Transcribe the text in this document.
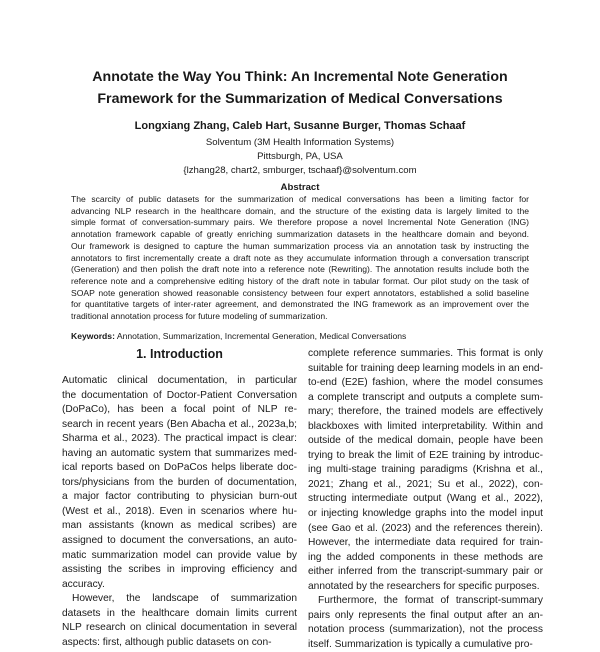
Annotate the Way You Think: An Incremental Note Generation
Framework for the Summarization of Medical Conversations
Longxiang Zhang, Caleb Hart, Susanne Burger, Thomas Schaaf
Solventum (3M Health Information Systems)
Pittsburgh, PA, USA
{lzhang28, chart2, smburger, tschaaf}@solventum.com
Abstract
The scarcity of public datasets for the summarization of medical conversations has been a limiting factor for
advancing NLP research in the healthcare domain, and the structure of the existing data is largely limited to the
simple format of conversation-summary pairs. We therefore propose a novel Incremental Note Generation (ING)
annotation framework capable of greatly enriching summarization datasets in the healthcare domain and beyond.
Our framework is designed to capture the human summarization process via an annotation task by instructing the
annotators to first incrementally create a draft note as they accumulate information through a conversation transcript
(Generation) and then polish the draft note into a reference note (Rewriting). The annotation results include both the
reference note and a comprehensive editing history of the draft note in tabular format. Our pilot study on the task of
SOAP note generation showed reasonable consistency between four expert annotators, established a solid baseline
for quantitative targets of inter-rater agreement, and demonstrated the ING framework as an improvement over the
traditional annotation process for future modeling of summarization.
Keywords: Annotation, Summarization, Incremental Generation, Medical Conversations
1. Introduction
Automatic clinical documentation, in particular
the documentation of Doctor-Patient Conversation
(DoPaCo), has been a focal point of NLP re-
search in recent years (Ben Abacha et al., 2023a,b;
Sharma et al., 2023). The practical impact is clear:
having an automatic system that summarizes med-
ical reports based on DoPaCos helps liberate doc-
tors/physicians from the burden of documentation,
a major factor contributing to physician burn-out
(West et al., 2018). Even in scenarios where hu-
man assistants (known as medical scribes) are
assigned to document the conversations, an auto-
matic summarization model can provide value by
assisting the scribes in improving efficiency and
accuracy.
However, the landscape of summarization
datasets in the healthcare domain limits current
NLP research on clinical documentation in several
aspects: first, although public datasets on con-
complete reference summaries. This format is only
suitable for training deep learning models in an end-
to-end (E2E) fashion, where the model consumes
a complete transcript and outputs a complete sum-
mary; therefore, the trained models are effectively
blackboxes with limited interpretability. Within and
outside of the medical domain, people have been
trying to break the limit of E2E training by introduc-
ing multi-stage training paradigms (Krishna et al.,
2021; Zhang et al., 2021; Su et al., 2022), con-
structing intermediate output (Wang et al., 2022),
or injecting knowledge graphs into the model input
(see Gao et al. (2023) and the references therein).
However, the intermediate data required for train-
ing the added components in these methods are
either inferred from the transcript-summary pair or
annotated by the researchers for specific purposes.
Furthermore, the format of transcript-summary
pairs only represents the final output after an an-
notation process (summarization), not the process
itself. Summarization is typically a cumulative pro-
